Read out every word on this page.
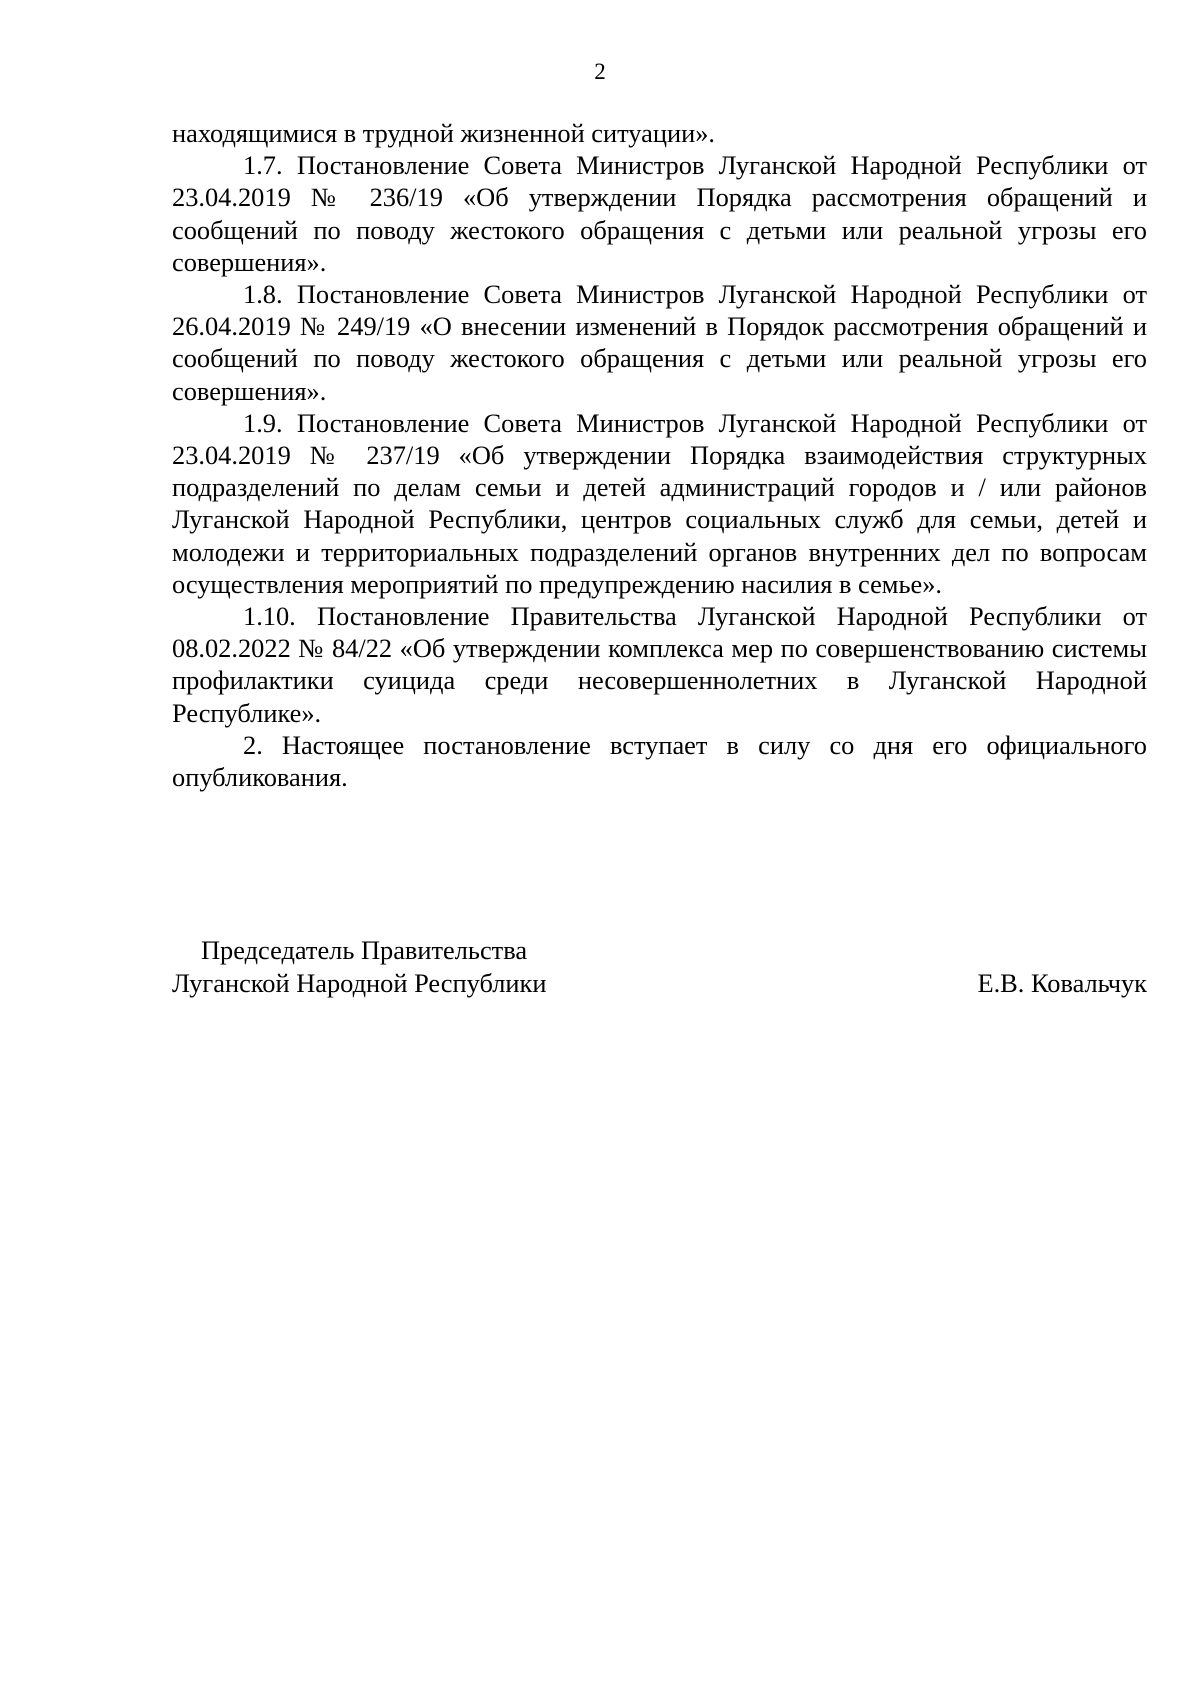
2

находящимися в трудной жизненной ситуации».

1.7. Постановление Совета Министров Луганской Народной Республики от 23.04.2019 № 236/19 «Об утверждении Порядка рассмотрения обращений и сообщений по поводу жестокого обращения с детьми или реальной угрозы его совершения».

1.8. Постановление Совета Министров Луганской Народной Республики от 26.04.2019 № 249/19 «О внесении изменений в Порядок рассмотрения обращений и сообщений по поводу жестокого обращения с детьми или реальной угрозы его совершения».

1.9. Постановление Совета Министров Луганской Народной Республики от 23.04.2019 № 237/19 «Об утверждении Порядка взаимодействия структурных подразделений по делам семьи и детей администраций городов и / или районов Луганской Народной Республики, центров социальных служб для семьи, детей и молодежи и территориальных подразделений органов внутренних дел по вопросам осуществления мероприятий по предупреждению насилия в семье».

1.10. Постановление Правительства Луганской Народной Республики от 08.02.2022 № 84/22 «Об утверждении комплекса мер по совершенствованию системы профилактики суицида среди несовершеннолетних в Луганской Народной Республике».

2. Настоящее постановление вступает в силу со дня его официального опубликования.

Председатель Правительства
Луганской Народной Республики	Е.В. Ковальчук
